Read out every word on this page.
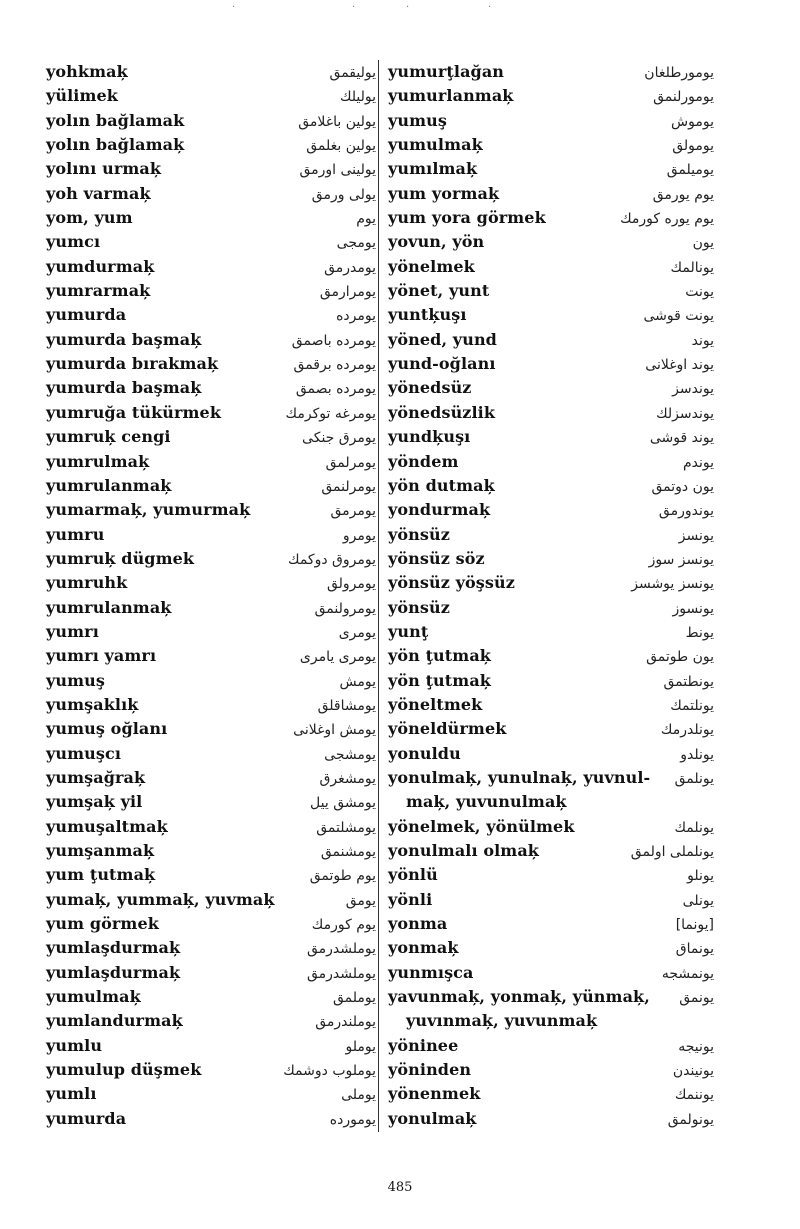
·	·	·	·
yohkmaķ	یولیقمق
yülimek	یولیلك
yolın bağlamak	یولین باغلامق
yolın bağlamaķ	یولین بغلمق
yolını urmaķ	یولینی اورمق
yoh varmaķ	یولی ورمق
yom, yum	یوم
yumcı	یومجی
yumdurmaķ	یومدرمق
yumrarmaķ	یومرارمق
yumurda	یومرده
yumurda başmaķ	یومرده باصمق
yumurda bırakmaķ	یومرده برقمق
yumurda başmaķ	یومرده بصمق
yumruğa tükürmek	یومرغه توکرمك
yumruķ cengi	یومرق جنکی
yumrulmaķ	یومرلمق
yumrulanmaķ	یومرلنمق
yumarmaķ, yumurmaķ	یومرمق
yumru	یومرو
yumruķ dügmek	یومروق دوکمك
yumruhk	یومرولق
yumrulanmaķ	یومرولنمق
yumrı	یومری
yumrı yamrı	یومری یامری
yumuş	یومش
yumşaklıķ	یومشاقلق
yumuş oğlanı	یومش اوغلانی
yumuşcı	یومشجی
yumşağraķ	یومشغرق
yumşaķ yil	یومشق ییل
yumuşaltmaķ	یومشلتمق
yumşanmaķ	یومشنمق
yum ţutmaķ	یوم طوتمق
yumaķ, yummaķ, yuvmaķ	یومق
yum görmek	یوم کورمك
yumlaşdurmaķ	یوملشدرمق
yumlaşdurmaķ	یوملشدرمق
yumulmaķ	یوملمق
yumlandurmaķ	یوملندرمق
yumlu	یوملو
yumulup düşmek	یوملوب دوشمك
yumlı	یوملی
yumurda	یومورده
yumurţlağan	یومورطلغان
yumurlanmaķ	یومورلنمق
yumuş	یوموش
yumulmaķ	یومولق
yumılmaķ	یومیلمق
yum yormaķ	یوم یورمق
yum yora görmek	یوم یوره کورمك
yovun, yön	یون
yönelmek	یونالمك
yönet, yunt	یونت
yuntķuşı	یونت قوشی
yöned, yund	یوند
yund-oğlanı	یوند اوغلانی
yönedsüz	یوندسز
yönedsüzlik	یوندسزلك
yundķuşı	یوند قوشی
yöndem	یوندم
yön dutmaķ	یون دوتمق
yondurmaķ	یوندورمق
yönsüz	یونسز
yönsüz söz	یونسز سوز
yönsüz yöşsüz	یونسز یوشسز
yönsüz	یونسوز
yunţ	یونط
yön ţutmaķ	یون طوتمق
yön ţutmaķ	یونطتمق
yöneltmek	یونلتمك
yöneldürmek	یونلدرمك
yonuldu	یونلدو
yonulmaķ, yunulnaķ, yuvnul- یونلمق
maķ, yuvunulmaķ
yönelmek, yönülmek	یونلمك
yonulmalı olmaķ	یونلملی اولمق
yönlü	یونلو
yönli	یونلی
yonma	[یونما]
yonmaķ	یونماق
yunmışca	یونمشجه
yavunmaķ, yonmaķ, yünmaķ, یونمق
yuvınmaķ, yuvunmaķ
yöninee	یونیجه
yöninden	یونیندن
yönenmek	یوننمك
yonulmaķ	یونولمق
485
